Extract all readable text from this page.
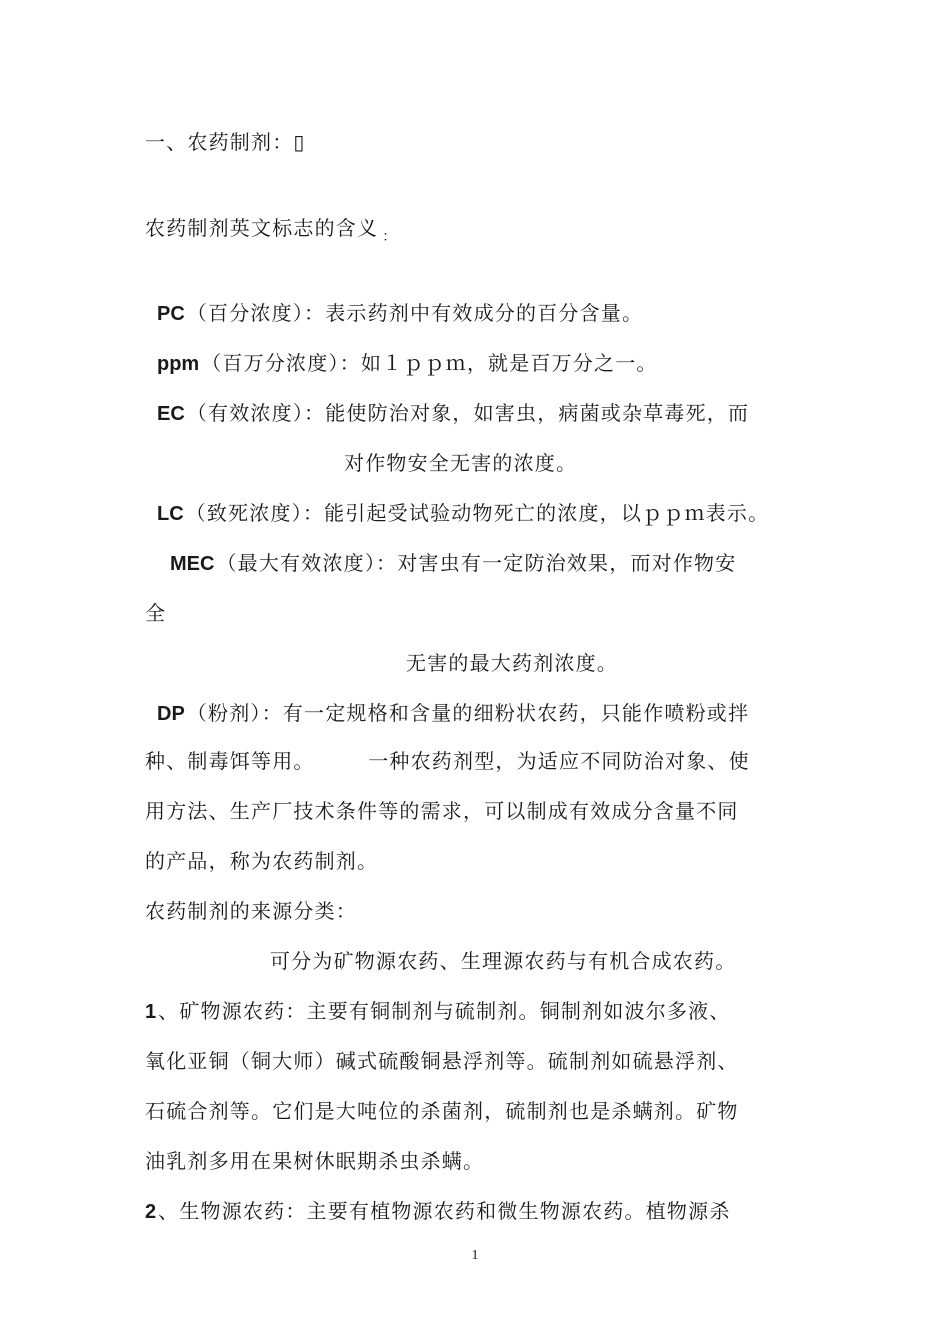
一、农药制剂：▯

农药制剂英文标志的含义 $_:$

PC （百分浓度）：表示药剂中有效成分的百分含量。

ppm （百万分浓度）：如１ｐｐｍ，就是百万分之一。

EC （有效浓度）：能使防治对象，如害虫，病菌或杂草毒死，而

对作物安全无害的浓度。

LC （致死浓度）：能引起受试验动物死亡的浓度，以ｐｐｍ表示。

MEC （最大有效浓度）：对害虫有一定防治效果，而对作物安

全

无害的最大药剂浓度。

DP （粉剂）：有一定规格和含量的细粉状农药，只能作喷粉或拌

种、制毒饵等用。　　　一种农药剂型，为适应不同防治对象、使

用方法、生产厂技术条件等的需求，可以制成有效成分含量不同

的产品，称为农药制剂。

农药制剂的来源分类：

可分为矿物源农药、生理源农药与有机合成农药。

1 、矿物源农药：主要有铜制剂与硫制剂。铜制剂如波尔多液、

氧化亚铜（铜大师）碱式硫酸铜悬浮剂等。硫制剂如硫悬浮剂、

石硫合剂等。它们是大吨位的杀菌剂，硫制剂也是杀螨剂。矿物

油乳剂多用在果树休眠期杀虫杀螨。

2 、生物源农药：主要有植物源农药和微生物源农药。植物源杀

1
